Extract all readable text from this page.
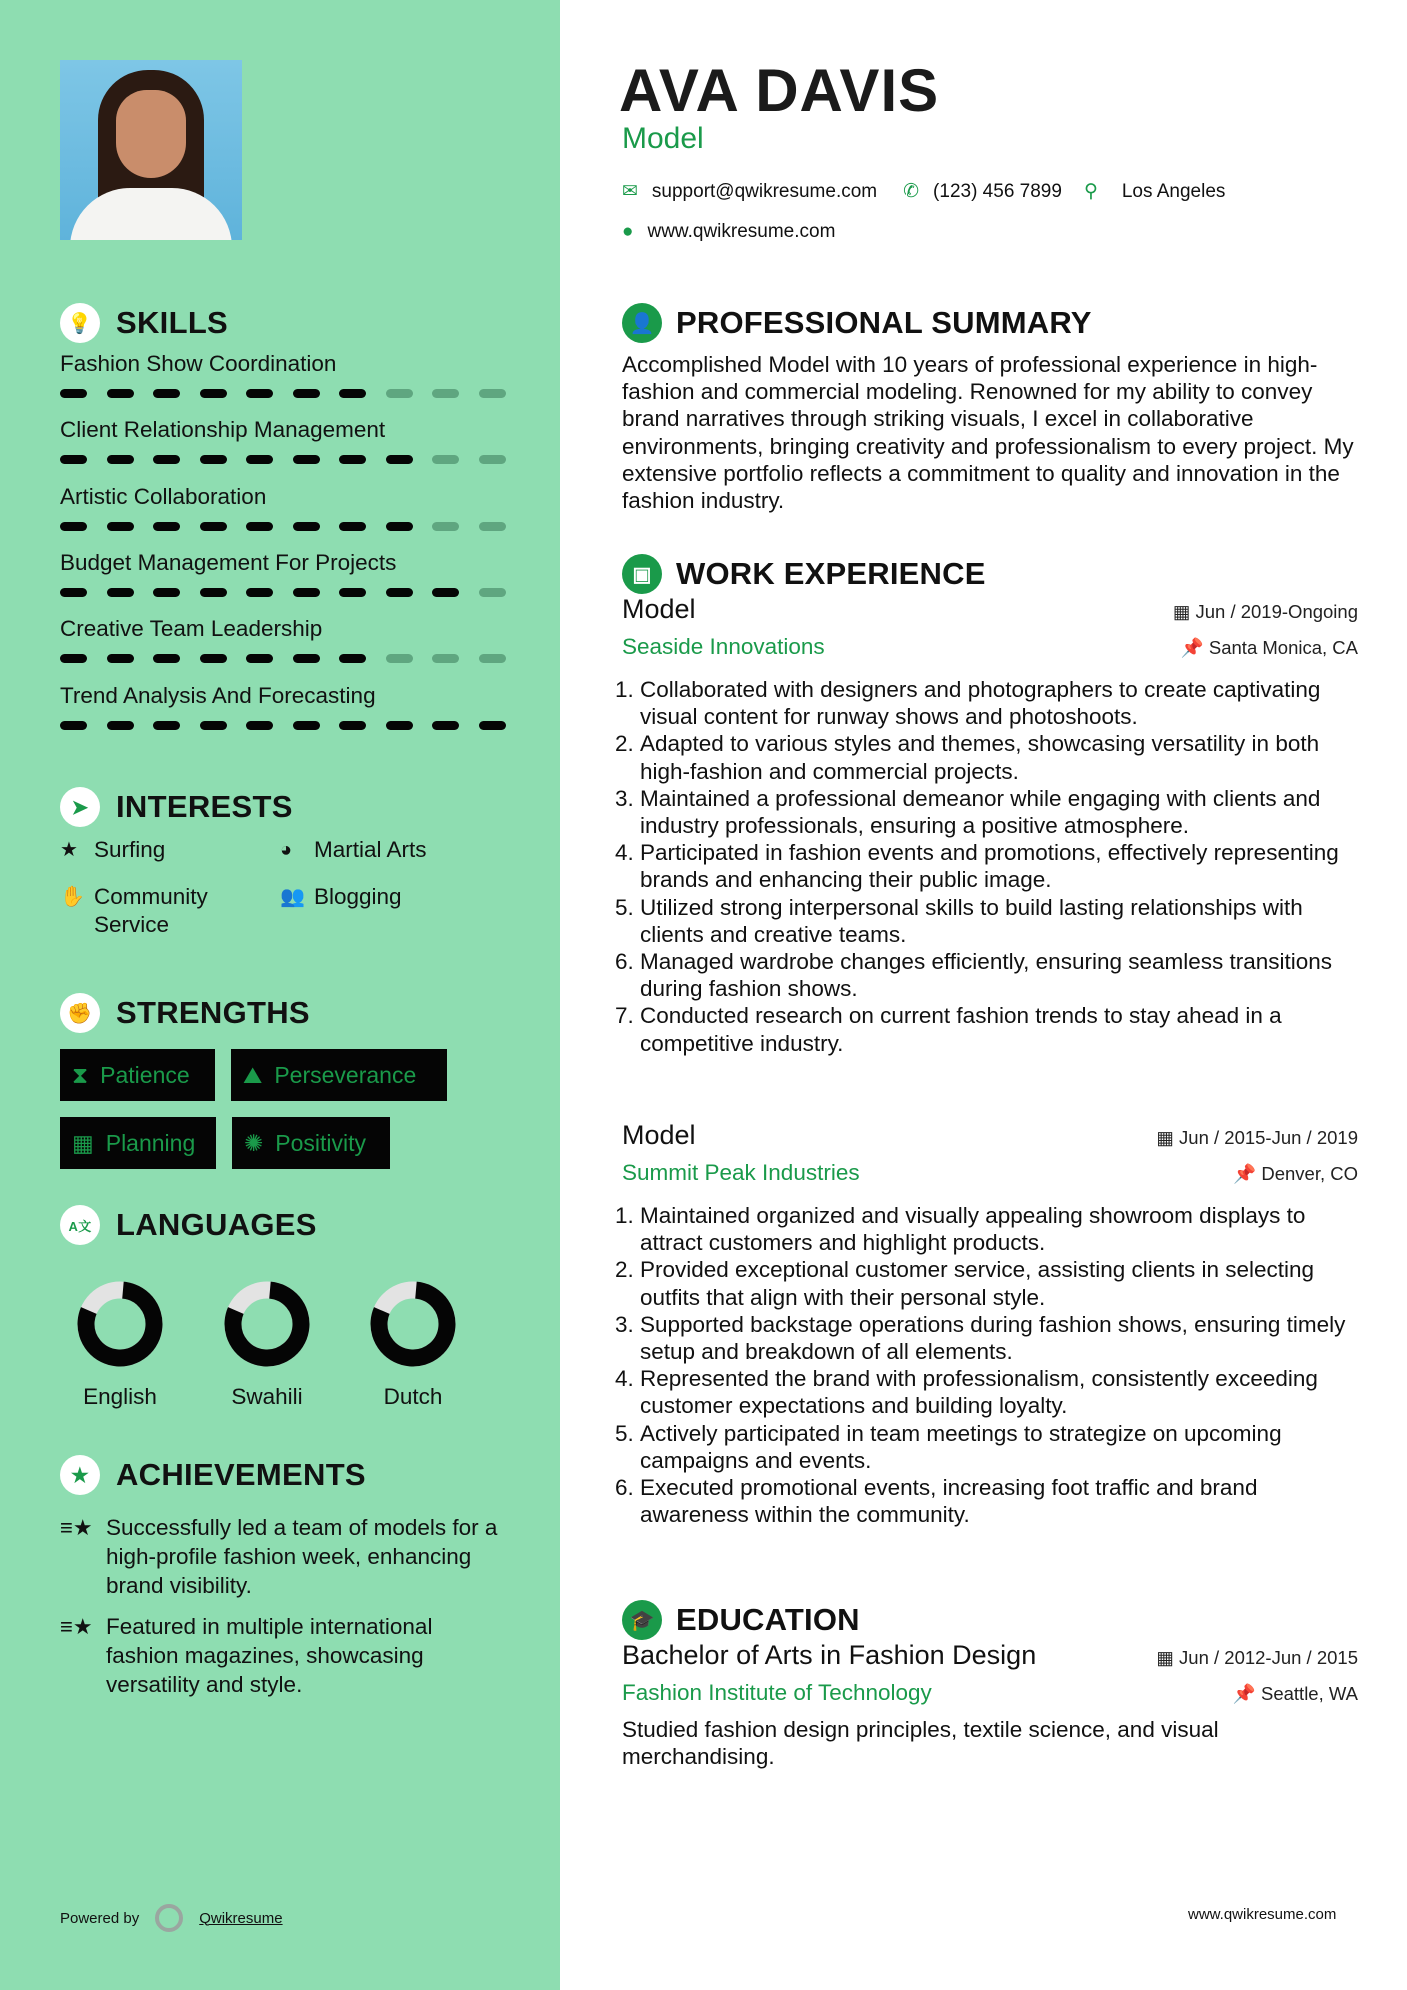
💡 SKILLS
Fashion Show Coordination
Client Relationship Management
Artistic Collaboration
Budget Management For Projects
Creative Team Leadership
Trend Analysis And Forecasting
➤ INTERESTS
★ Surfing	◕ Martial Arts
✋ Community Service
👥 Blogging
✊ STRENGTHS
⧗ Patience ⛰ Perseverance
▦ Planning ✺ Positivity
A文 LANGUAGES
English	Swahili	Dutch
★ ACHIEVEMENTS
≡★ Successfully led a team of models for a high-profile fashion week, enhancing brand visibility.
≡★ Featured in multiple international fashion magazines, showcasing versatility and style.
Powered by	Qwikresume
AVA DAVIS
Model
✉ support@qwikresume.com ✆ (123) 456 7899 ⚲ Los Angeles
● www.qwikresume.com
👤 PROFESSIONAL SUMMARY
Accomplished Model with 10 years of professional experience in high-fashion and commercial modeling. Renowned for my ability to convey brand narratives through striking visuals, I excel in collaborative environments, bringing creativity and professionalism to every project. My extensive portfolio reflects a commitment to quality and innovation in the fashion industry.
▣ WORK EXPERIENCE
Model	▦ Jun / 2019-Ongoing
Seaside Innovations	📌 Santa Monica, CA
1. Collaborated with designers and photographers to create captivating visual content for runway shows and photoshoots.
2. Adapted to various styles and themes, showcasing versatility in both high-fashion and commercial projects.
3. Maintained a professional demeanor while engaging with clients and industry professionals, ensuring a positive atmosphere.
4. Participated in fashion events and promotions, effectively representing brands and enhancing their public image.
5. Utilized strong interpersonal skills to build lasting relationships with clients and creative teams.
6. Managed wardrobe changes efficiently, ensuring seamless transitions during fashion shows.
7. Conducted research on current fashion trends to stay ahead in a competitive industry.
Model	▦ Jun / 2015-Jun / 2019
Summit Peak Industries	📌 Denver, CO
1. Maintained organized and visually appealing showroom displays to attract customers and highlight products.
2. Provided exceptional customer service, assisting clients in selecting outfits that align with their personal style.
3. Supported backstage operations during fashion shows, ensuring timely setup and breakdown of all elements.
4. Represented the brand with professionalism, consistently exceeding customer expectations and building loyalty.
5. Actively participated in team meetings to strategize on upcoming campaigns and events.
6. Executed promotional events, increasing foot traffic and brand awareness within the community.
🎓 EDUCATION
Bachelor of Arts in Fashion Design	▦ Jun / 2012-Jun / 2015
Fashion Institute of Technology	📌 Seattle, WA
Studied fashion design principles, textile science, and visual merchandising.
www.qwikresume.com
